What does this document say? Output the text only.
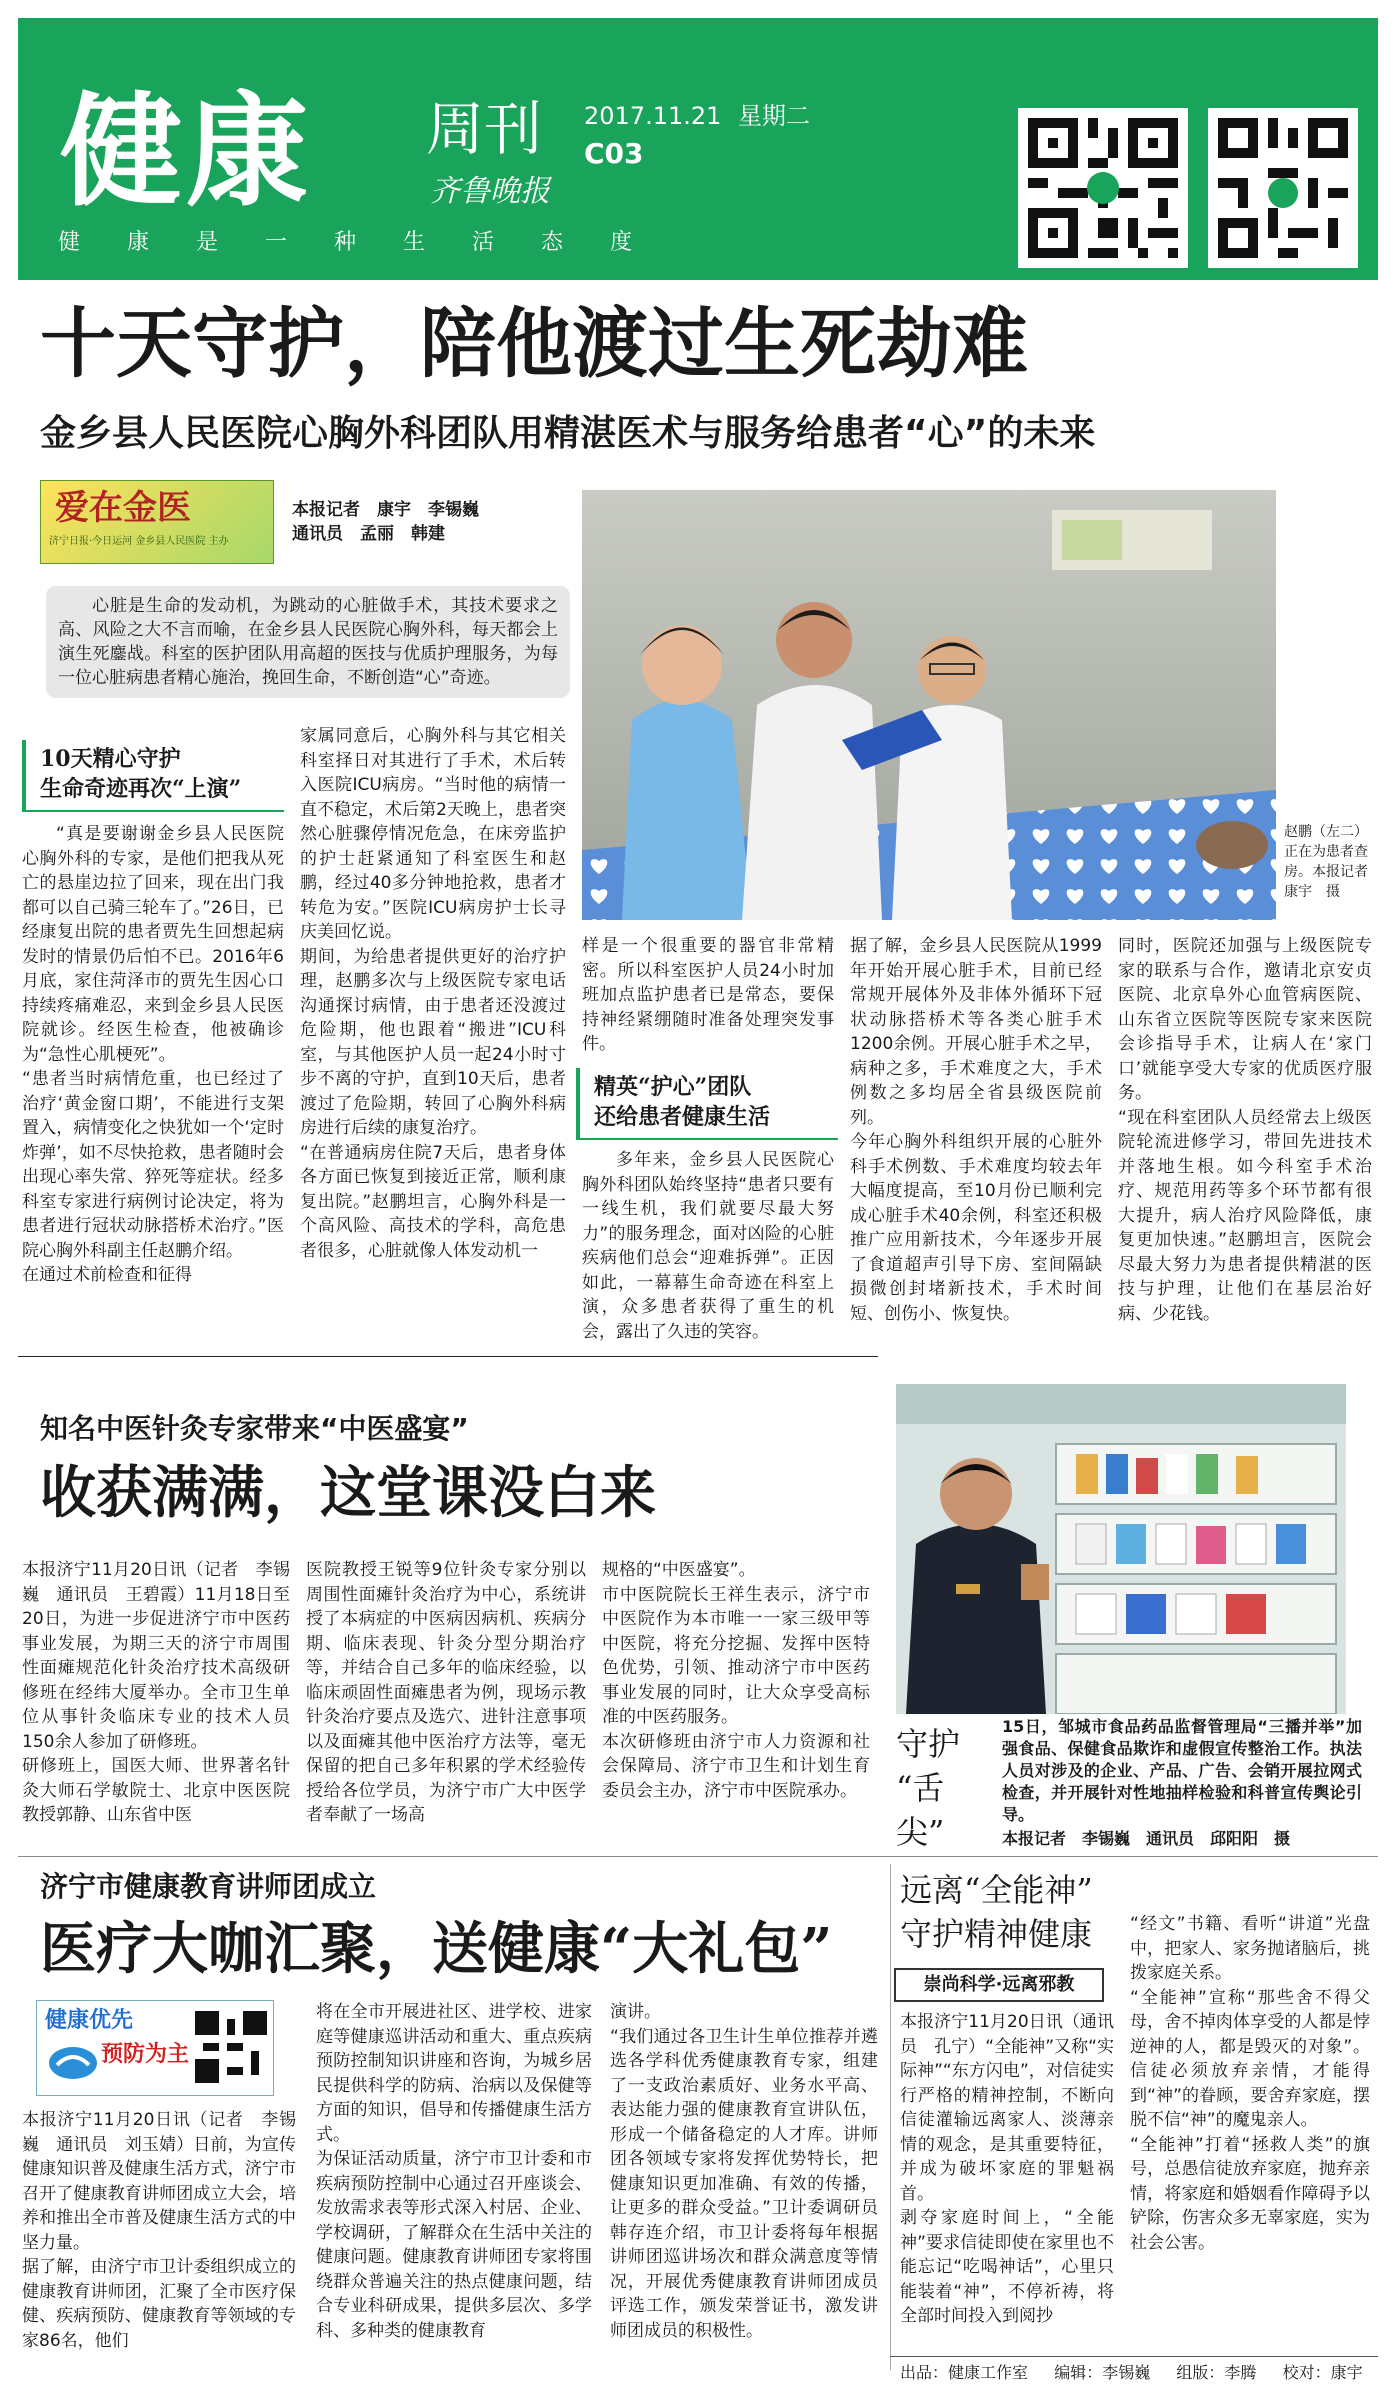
健康 周刊
齐鲁晚报
2017.11.21 星期二
C03
健 康 是 一 种 生 活 态 度
十天守护，陪他渡过生死劫难
金乡县人民医院心胸外科团队用精湛医术与服务给患者“心”的未来
爱在金医
济宁日报·今日运河 金乡县人民医院 主办
本报记者　康宇　李锡巍
通讯员　孟丽　韩建
心脏是生命的发动机，为跳动的心脏做手术，其技术要求之高、风险之大不言而喻，在金乡县人民医院心胸外科，每天都会上演生死鏖战。科室的医护团队用高超的医技与优质护理服务，为每一位心脏病患者精心施治，挽回生命，不断创造“心”奇迹。
10天精心守护
生命奇迹再次“上演”
“真是要谢谢金乡县人民医院心胸外科的专家，是他们把我从死亡的悬崖边拉了回来，现在出门我都可以自己骑三轮车了。”26日，已经康复出院的患者贾先生回想起病发时的情景仍后怕不已。2016年6月底，家住菏泽市的贾先生因心口持续疼痛难忍，来到金乡县人民医院就诊。经医生检查，他被确诊为“急性心肌梗死”。
“患者当时病情危重，也已经过了治疗‘黄金窗口期’，不能进行支架置入，病情变化之快犹如一个‘定时炸弹’，如不尽快抢救，患者随时会出现心率失常、猝死等症状。经多科室专家进行病例讨论决定，将为患者进行冠状动脉搭桥术治疗。”医院心胸外科副主任赵鹏介绍。
在通过术前检查和征得
家属同意后，心胸外科与其它相关科室择日对其进行了手术，术后转入医院ICU病房。“当时他的病情一直不稳定，术后第2天晚上，患者突然心脏骤停情况危急，在床旁监护的护士赶紧通知了科室医生和赵鹏，经过40多分钟地抢救，患者才转危为安。”医院ICU病房护士长寻庆美回忆说。
期间，为给患者提供更好的治疗护理，赵鹏多次与上级医院专家电话沟通探讨病情，由于患者还没渡过危险期，他也跟着“搬进”ICU科室，与其他医护人员一起24小时寸步不离的守护，直到10天后，患者渡过了危险期，转回了心胸外科病房进行后续的康复治疗。
“在普通病房住院7天后，患者身体各方面已恢复到接近正常，顺利康复出院。”赵鹏坦言，心胸外科是一个高风险、高技术的学科，高危患者很多，心脏就像人体发动机一
赵鹏（左二）正在为患者查房。本报记者　康宇　摄
样是一个很重要的器官非常精密。所以科室医护人员24小时加班加点监护患者已是常态，要保持神经紧绷随时准备处理突发事件。
精英“护心”团队
还给患者健康生活
多年来，金乡县人民医院心胸外科团队始终坚持“患者只要有一线生机，我们就要尽最大努力”的服务理念，面对凶险的心脏疾病他们总会“迎难拆弹”。正因如此，一幕幕生命奇迹在科室上演，众多患者获得了重生的机会，露出了久违的笑容。
据了解，金乡县人民医院从1999年开始开展心脏手术，目前已经常规开展体外及非体外循环下冠状动脉搭桥术等各类心脏手术1200余例。开展心脏手术之早，病种之多，手术难度之大，手术例数之多均居全省县级医院前列。
今年心胸外科组织开展的心脏外科手术例数、手术难度均较去年大幅度提高，至10月份已顺利完成心脏手术40余例，科室还积极推广应用新技术，今年逐步开展了食道超声引导下房、室间隔缺损微创封堵新技术，手术时间短、创伤小、恢复快。
同时，医院还加强与上级医院专家的联系与合作，邀请北京安贞医院、北京阜外心血管病医院、山东省立医院等医院专家来医院会诊指导手术，让病人在‘家门口’就能享受大专家的优质医疗服务。
“现在科室团队人员经常去上级医院轮流进修学习，带回先进技术并落地生根。如今科室手术治疗、规范用药等多个环节都有很大提升，病人治疗风险降低，康复更加快速。”赵鹏坦言，医院会尽最大努力为患者提供精湛的医技与护理，让他们在基层治好病、少花钱。
知名中医针灸专家带来“中医盛宴”
收获满满，这堂课没白来
本报济宁11月20日讯（记者　李锡巍　通讯员　王碧霞）11月18日至20日，为进一步促进济宁市中医药事业发展，为期三天的济宁市周围性面瘫规范化针灸治疗技术高级研修班在经纬大厦举办。全市卫生单位从事针灸临床专业的技术人员150余人参加了研修班。
研修班上，国医大师、世界著名针灸大师石学敏院士、北京中医医院教授郭静、山东省中医
医院教授王锐等9位针灸专家分别以周围性面瘫针灸治疗为中心，系统讲授了本病症的中医病因病机、疾病分期、临床表现、针灸分型分期治疗等，并结合自己多年的临床经验，以临床顽固性面瘫患者为例，现场示教针灸治疗要点及选穴、进针注意事项以及面瘫其他中医治疗方法等，毫无保留的把自己多年积累的学术经验传授给各位学员，为济宁市广大中医学者奉献了一场高
规格的“中医盛宴”。
市中医院院长王祥生表示，济宁市中医院作为本市唯一一家三级甲等中医院，将充分挖掘、发挥中医特色优势，引领、推动济宁市中医药事业发展的同时，让大众享受高标准的中医药服务。
本次研修班由济宁市人力资源和社会保障局、济宁市卫生和计划生育委员会主办，济宁市中医院承办。
守护
“舌尖”
15日，邹城市食品药品监督管理局“三播并举”加强食品、保健食品欺诈和虚假宣传整治工作。执法人员对涉及的企业、产品、广告、会销开展拉网式检查，并开展针对性地抽样检验和科普宣传舆论引导。
本报记者　李锡巍　通讯员　邱阳阳　摄
济宁市健康教育讲师团成立
医疗大咖汇聚，送健康“大礼包”
健康优先
预防为主
本报济宁11月20日讯（记者　李锡巍　通讯员　刘玉婧）日前，为宣传健康知识普及健康生活方式，济宁市召开了健康教育讲师团成立大会，培养和推出全市普及健康生活方式的中坚力量。
据了解，由济宁市卫计委组织成立的健康教育讲师团，汇聚了全市医疗保健、疾病预防、健康教育等领域的专家86名，他们
将在全市开展进社区、进学校、进家庭等健康巡讲活动和重大、重点疾病预防控制知识讲座和咨询，为城乡居民提供科学的防病、治病以及保健等方面的知识，倡导和传播健康生活方式。
为保证活动质量，济宁市卫计委和市疾病预防控制中心通过召开座谈会、发放需求表等形式深入村居、企业、学校调研，了解群众在生活中关注的健康问题。健康教育讲师团专家将围绕群众普遍关注的热点健康问题，结合专业科研成果，提供多层次、多学科、多种类的健康教育
演讲。
“我们通过各卫生计生单位推荐并遴选各学科优秀健康教育专家，组建了一支政治素质好、业务水平高、表达能力强的健康教育宣讲队伍，形成一个储备稳定的人才库。讲师团各领域专家将发挥优势特长，把健康知识更加准确、有效的传播，让更多的群众受益。”卫计委调研员韩存连介绍，市卫计委将每年根据讲师团巡讲场次和群众满意度等情况，开展优秀健康教育讲师团成员评选工作，颁发荣誉证书，激发讲师团成员的积极性。
远离“全能神”
守护精神健康
崇尚科学·远离邪教
本报济宁11月20日讯（通讯员　孔宁）“全能神”又称“实际神”“东方闪电”，对信徒实行严格的精神控制，不断向信徒灌输远离家人、淡薄亲情的观念，是其重要特征，并成为破坏家庭的罪魁祸首。
剥夺家庭时间上，“全能神”要求信徒即使在家里也不能忘记“吃喝神话”，心里只能装着“神”，不停祈祷，将全部时间投入到阅抄
“经文”书籍、看听“讲道”光盘中，把家人、家务抛诸脑后，挑拨家庭关系。
“全能神”宣称“那些舍不得父母，舍不掉肉体享受的人都是悖逆神的人，都是毁灭的对象”。信徒必须放弃亲情，才能得到“神”的眷顾，要舍弃家庭，摆脱不信“神”的魔鬼亲人。
“全能神”打着“拯救人类”的旗号，总愚信徒放弃家庭，抛弃亲情，将家庭和婚姻看作障碍予以铲除，伤害众多无辜家庭，实为社会公害。
出品：健康工作室 编辑：李锡巍 组版：李腾 校对：康宇
